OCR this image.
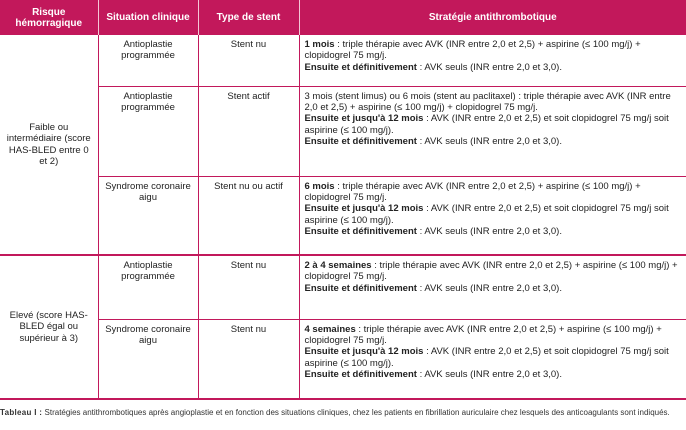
Risque hémorragique	Situation clinique	Type de stent	Stratégie antithrombotique
Faible ou intermédiaire (score HAS-BLED entre 0 et 2)	Antioplastie programmée	Stent nu	1 mois : triple thérapie avec AVK (INR entre 2,0 et 2,5) + aspirine (≤ 100 mg/j) + clopidogrel 75 mg/j.

Ensuite et définitivement : AVK seuls (INR entre 2,0 et 3,0).

	Antioplastie programmée	Stent actif	3 mois (stent limus) ou 6 mois (stent au paclitaxel) : triple thérapie avec AVK (INR entre 2,0 et 2,5) + aspirine (≤ 100 mg/j) + clopidogrel 75 mg/j.

Ensuite et jusqu'à 12 mois : AVK (INR entre 2,0 et 2,5) et soit clopidogrel 75 mg/j soit aspirine (≤ 100 mg/j).

Ensuite et définitivement : AVK seuls (INR entre 2,0 et 3,0).

	Syndrome coronaire aigu	Stent nu ou actif	6 mois : triple thérapie avec AVK (INR entre 2,0 et 2,5) + aspirine (≤ 100 mg/j) + clopidogrel 75 mg/j.

Ensuite et jusqu'à 12 mois : AVK (INR entre 2,0 et 2,5) et soit clopidogrel 75 mg/j soit aspirine (≤ 100 mg/j).

Ensuite et définitivement : AVK seuls (INR entre 2,0 et 3,0).

Elevé (score HAS-BLED égal ou supérieur à 3)	Antioplastie programmée	Stent nu	2 à 4 semaines : triple thérapie avec AVK (INR entre 2,0 et 2,5) + aspirine (≤ 100 mg/j) + clopidogrel 75 mg/j.

Ensuite et définitivement : AVK seuls (INR entre 2,0 et 3,0).

	Syndrome coronaire aigu	Stent nu	4 semaines : triple thérapie avec AVK (INR entre 2,0 et 2,5) + aspirine (≤ 100 mg/j) + clopidogrel 75 mg/j.

Ensuite et jusqu'à 12 mois : AVK (INR entre 2,0 et 2,5) et soit clopidogrel 75 mg/j soit aspirine (≤ 100 mg/j).

Ensuite et définitivement : AVK seuls (INR entre 2,0 et 3,0).

Tableau I : Stratégies antithrombotiques après angioplastie et en fonction des situations cliniques, chez les patients en fibrillation auriculaire chez lesquels des anticoagulants sont indiqués.
